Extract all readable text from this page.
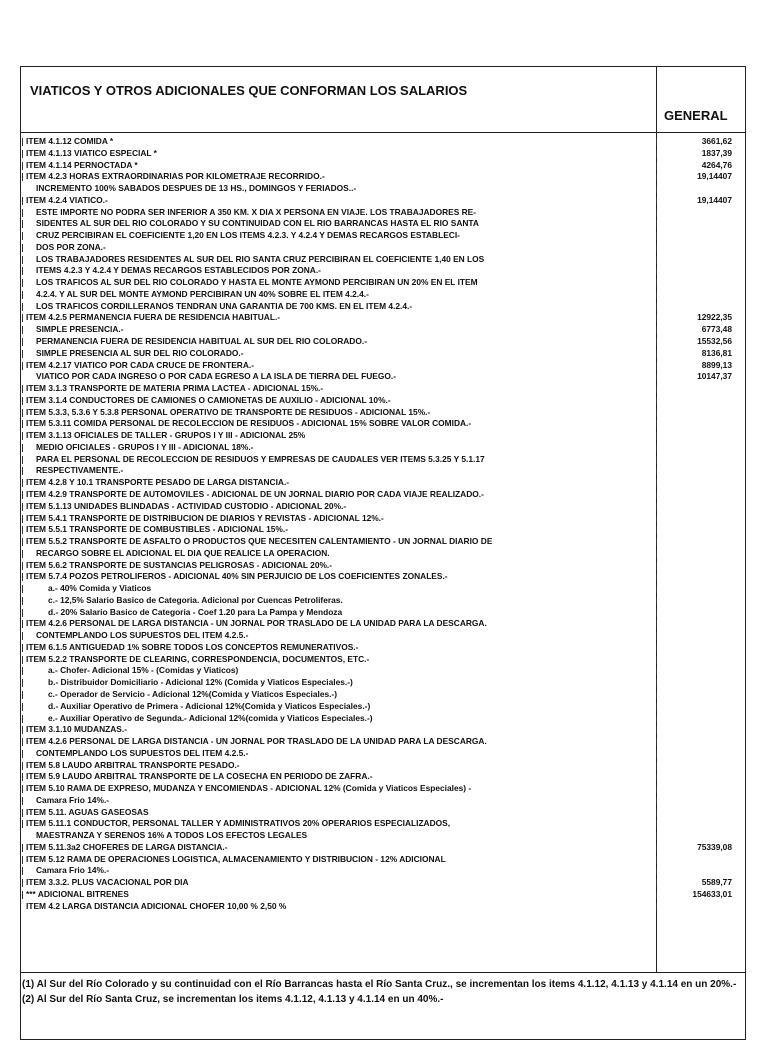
VIATICOS Y OTROS ADICIONALES QUE CONFORMAN LOS SALARIOS
GENERAL
ITEM 4.1.12 COMIDA *	3661,62
ITEM 4.1.13 VIATICO ESPECIAL *	1837,39
ITEM 4.1.14 PERNOCTADA *	4264,76
ITEM 4.2.3 HORAS EXTRAORDINARIAS POR KILOMETRAJE RECORRIDO.-	19,14407
INCREMENTO 100% SABADOS DESPUES DE 13 HS., DOMINGOS Y FERIADOS..-
ITEM 4.2.4 VIATICO.-	19,14407
ESTE IMPORTE NO PODRA SER INFERIOR A 350 KM. X DIA X PERSONA EN VIAJE. LOS TRABAJADORES RE-
SIDENTES AL SUR DEL RIO COLORADO Y SU CONTINUIDAD CON EL RIO BARRANCAS HASTA EL RIO SANTA
CRUZ PERCIBIRAN EL COEFICIENTE 1,20 EN LOS ITEMS 4.2.3. Y 4.2.4 Y DEMAS RECARGOS ESTABLECI-
DOS POR ZONA.-
LOS TRABAJADORES RESIDENTES AL SUR DEL RIO SANTA CRUZ PERCIBIRAN EL COEFICIENTE 1,40 EN LOS
ITEMS 4.2.3 Y 4.2.4 Y DEMAS RECARGOS ESTABLECIDOS POR ZONA.-
LOS TRAFICOS AL SUR DEL RIO COLORADO Y HASTA EL MONTE AYMOND PERCIBIRAN UN 20% EN EL ITEM
4.2.4. Y AL SUR DEL MONTE AYMOND PERCIBIRAN UN 40% SOBRE EL ITEM 4.2.4.-
LOS TRAFICOS CORDILLERANOS TENDRAN UNA GARANTIA DE 700 KMS. EN EL ITEM 4.2.4.-
ITEM 4.2.5 PERMANENCIA FUERA DE RESIDENCIA HABITUAL.-	12922,35
SIMPLE PRESENCIA.-	6773,48
PERMANENCIA FUERA DE RESIDENCIA HABITUAL AL SUR DEL RIO COLORADO.-	15532,56
SIMPLE PRESENCIA AL SUR DEL RIO COLORADO.-	8136,81
ITEM 4.2.17 VIATICO POR CADA CRUCE DE FRONTERA.-	8899,13
VIATICO POR CADA INGRESO O POR CADA EGRESO A LA ISLA DE TIERRA DEL FUEGO.-	10147,37
ITEM 3.1.3 TRANSPORTE DE MATERIA PRIMA LACTEA - ADICIONAL 15%.-
ITEM 3.1.4 CONDUCTORES DE CAMIONES O CAMIONETAS DE AUXILIO - ADICIONAL 10%.-
ITEM 5.3.3, 5.3.6 Y 5.3.8 PERSONAL OPERATIVO DE TRANSPORTE DE RESIDUOS - ADICIONAL 15%.-
ITEM 5.3.11 COMIDA PERSONAL DE RECOLECCION DE RESIDUOS - ADICIONAL 15% SOBRE VALOR COMIDA.-
ITEM 3.1.13 OFICIALES DE TALLER - GRUPOS I Y III - ADICIONAL 25%
MEDIO OFICIALES - GRUPOS I Y III - ADICIONAL 18%.-
PARA EL PERSONAL DE RECOLECCION DE RESIDUOS Y EMPRESAS DE CAUDALES VER ITEMS 5.3.25 Y 5.1.17
RESPECTIVAMENTE.-
ITEM 4.2.8 Y 10.1 TRANSPORTE PESADO DE LARGA DISTANCIA.-
ITEM 4.2.9 TRANSPORTE DE AUTOMOVILES - ADICIONAL DE UN JORNAL DIARIO POR CADA VIAJE REALIZADO.-
ITEM 5.1.13 UNIDADES BLINDADAS - ACTIVIDAD CUSTODIO - ADICIONAL 20%.-
ITEM 5.4.1 TRANSPORTE DE DISTRIBUCION DE DIARIOS Y REVISTAS - ADICIONAL 12%.-
ITEM 5.5.1 TRANSPORTE DE COMBUSTIBLES - ADICIONAL 15%.-
ITEM 5.5.2 TRANSPORTE DE ASFALTO O PRODUCTOS QUE NECESITEN CALENTAMIENTO - UN JORNAL DIARIO DE
RECARGO SOBRE EL ADICIONAL EL DIA QUE REALICE LA OPERACION.
ITEM 5.6.2 TRANSPORTE DE SUSTANCIAS PELIGROSAS - ADICIONAL 20%.-
ITEM 5.7.4 POZOS PETROLIFEROS - ADICIONAL 40% SIN PERJUICIO DE LOS COEFICIENTES ZONALES.-
a.- 40% Comida y Viaticos
c.- 12,5% Salario Basico de Categoria. Adicional por Cuencas Petroliferas.
d.- 20% Salario Basico de Categoria - Coef 1.20 para La Pampa y Mendoza
ITEM 4.2.6 PERSONAL DE LARGA DISTANCIA - UN JORNAL POR TRASLADO DE LA UNIDAD PARA LA DESCARGA.
CONTEMPLANDO LOS SUPUESTOS DEL ITEM 4.2.5.-
ITEM 6.1.5 ANTIGUEDAD 1% SOBRE TODOS LOS CONCEPTOS REMUNERATIVOS.-
ITEM 5.2.2 TRANSPORTE DE CLEARING, CORRESPONDENCIA, DOCUMENTOS, ETC.-
a.- Chofer- Adicional 15% - (Comidas y Viaticos)
b.- Distribuidor Domiciliario - Adicional 12% (Comida y Viaticos Especiales.-)
c.- Operador de Servicio - Adicional 12%(Comida y Viaticos Especiales.-)
d.- Auxiliar Operativo de Primera - Adicional 12%(Comida y Viaticos Especiales.-)
e.- Auxiliar Operativo de Segunda.- Adicional 12%(comida y Viaticos Especiales.-)
ITEM 3.1.10 MUDANZAS.-
ITEM 4.2.6 PERSONAL DE LARGA DISTANCIA - UN JORNAL POR TRASLADO DE LA UNIDAD PARA LA DESCARGA.
CONTEMPLANDO LOS SUPUESTOS DEL ITEM 4.2.5.-
ITEM 5.8 LAUDO ARBITRAL TRANSPORTE PESADO.-
ITEM 5.9 LAUDO ARBITRAL TRANSPORTE DE LA COSECHA EN PERIODO DE ZAFRA.-
ITEM 5.10 RAMA DE EXPRESO, MUDANZA Y ENCOMIENDAS - ADICIONAL 12% (Comida y Viaticos Especiales) -
Camara Frio 14%.-
ITEM 5.11. AGUAS GASEOSAS
ITEM 5.11.1 CONDUCTOR, PERSONAL TALLER Y ADMINISTRATIVOS 20% OPERARIOS ESPECIALIZADOS,
MAESTRANZA Y SERENOS 16% A TODOS LOS EFECTOS LEGALES
ITEM 5.11.3a2 CHOFERES DE LARGA DISTANCIA.-	75339,08
ITEM 5.12 RAMA DE OPERACIONES LOGISTICA, ALMACENAMIENTO Y DISTRIBUCION - 12% ADICIONAL
Camara Frio 14%.-
ITEM 3.3.2. PLUS VACACIONAL POR DIA	5589,77
*** ADICIONAL BITRENES	154633,01
ITEM 4.2 LARGA DISTANCIA ADICIONAL CHOFER 10,00 % 2,50 %
(1) Al Sur del Río Colorado y su continuidad con el Río Barrancas hasta el Río Santa Cruz., se incrementan los items 4.1.12, 4.1.13 y 4.1.14 en un 20%.-
(2) Al Sur del Río Santa Cruz, se incrementan los items 4.1.12, 4.1.13 y 4.1.14 en un 40%.-
